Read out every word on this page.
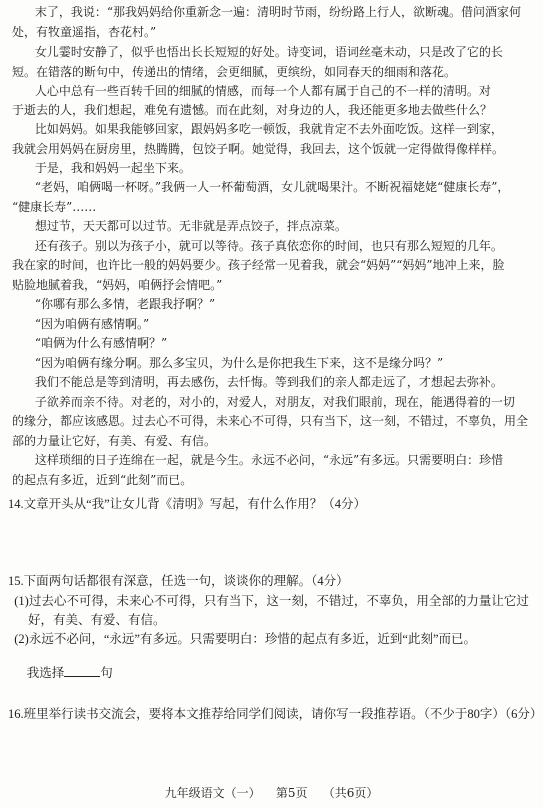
末了，我说：“那我妈妈给你重新念一遍：清明时节雨，纷纷路上行人，欲断魂。借问酒家何
处，有牧童遥指，杏花村。”
女儿霎时安静了，似乎也悟出长长短短的好处。诗变词，语词丝毫未动，只是改了它的长
短。在错落的断句中，传递出的情绪，会更细腻，更缤纷，如同春天的细雨和落花。
人心中总有一些百转千回的细腻的情感，而每一个人都有属于自己的不一样的清明。对
于逝去的人，我们想起，难免有遗憾。而在此刻，对身边的人，我还能更多地去做些什么？
比如妈妈。如果我能够回家，跟妈妈多吃一顿饭，我就肯定不去外面吃饭。这样一到家，
我就会用妈妈在厨房里，热腾腾，包饺子啊。她觉得，我回去，这个饭就一定得做得像样样。
于是，我和妈妈一起坐下来。
“老妈，咱俩喝一杯呀。”我俩一人一杯葡萄酒，女儿就喝果汁。不断祝福姥姥“健康长寿”，
“健康长寿”……
想过节，天天都可以过节。无非就是弄点饺子，拌点凉菜。
还有孩子。别以为孩子小，就可以等待。孩子真依恋你的时间，也只有那么短短的几年。
我在家的时间，也许比一般的妈妈要少。孩子经常一见着我，就会“妈妈”“妈妈”地冲上来，脸
贴脸地腻着我，“妈妈，咱俩抒会情吧。”
“你哪有那么多情，老跟我抒啊？”
“因为咱俩有感情啊。”
“咱俩为什么有感情啊？”
“因为咱俩有缘分啊。那么多宝贝，为什么是你把我生下来，这不是缘分吗？”
我们不能总是等到清明，再去感伤，去忏悔。等到我们的亲人都走远了，才想起去弥补。
子欲养而亲不待。对老的，对小的，对爱人，对朋友，对我们眼前，现在，能遇得着的一切
的缘分，都应该感恩。过去心不可得，未来心不可得，只有当下，这一刻，不错过，不辜负，用全
部的力量让它好，有美、有爱、有信。
这样琐细的日子连绵在一起，就是今生。永远不必问，“永远”有多远。只需要明白：珍惜
的起点有多近，近到“此刻”而已。
14.文章开头从“我”让女儿背《清明》写起，有什么作用？（4分）
15.下面两句话都很有深意，任选一句，谈谈你的理解。（4分）
(1)过去心不可得，未来心不可得，只有当下，这一刻，不错过，不辜负，用全部的力量让它过
好，有美、有爱、有信。
(2)永远不必问，“永远”有多远。只需要明白：珍惜的起点有多近，近到“此刻”而已。

我选择	句

16.班里举行读书交流会，要将本文推荐给同学们阅读，请你写一段推荐语。（不少于80字）（6分）
九年级语文（一）    第5页    （共6页）
